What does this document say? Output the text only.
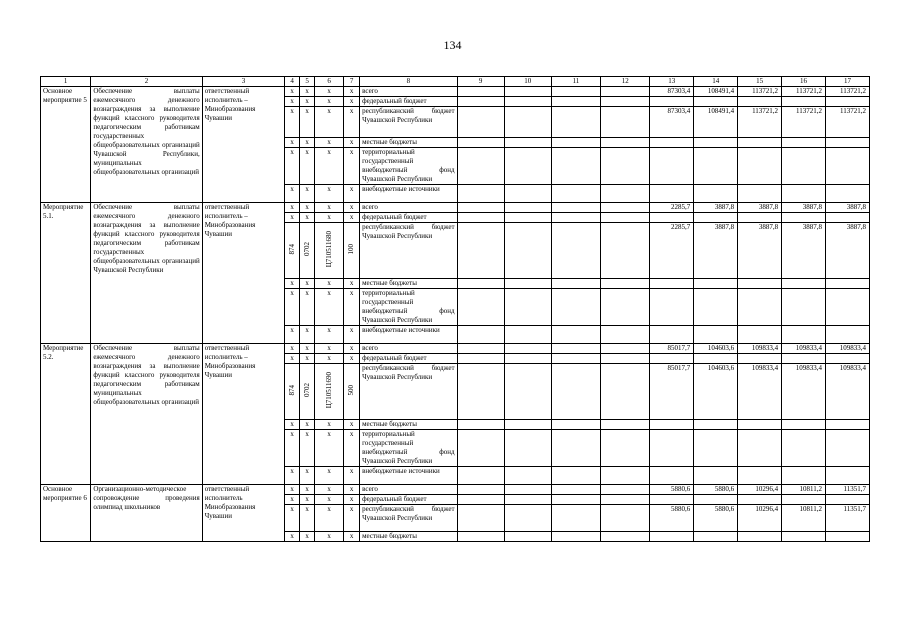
134
1	2	3	4	5	6	7	8	9	10	11	12	13	14	15	16	17
Основное мероприятие 5	Обеспечение выплаты ежемесячного денежного вознаграждения за выполнение функций классного руководителя педагогическим работникам государственных общеобразовательных организаций Чувашской Республики, муниципальных общеобразовательных организаций	ответственный исполнитель – Минобразования Чувашии	x	x	x	x	всего					87303,4	108491,4	113721,2	113721,2	113721,2
			x	x	x	x	федеральный бюджет									
			x	x	x	x	республиканский бюджет Чувашской Республики					87303,4	108491,4	113721,2	113721,2	113721,2
			x	x	x	x	местные бюджеты									
			x	x	x	x	территориальный государственный внебюджетный фонд Чувашской Республики									
			x	x	x	x	внебюджетные источники									
Мероприятие 5.1.	Обеспечение выплаты ежемесячного денежного вознаграждения за выполнение функций классного руководителя педагогическим работникам государственных общеобразовательных организаций Чувашской Республики	ответственный исполнитель – Минобразования Чувашии	x	x	x	x	всего					2285,7	3887,8	3887,8	3887,8	3887,8
			x	x	x	x	федеральный бюджет									
			874	0702	Ц710511680	100	республиканский бюджет Чувашской Республики					2285,7	3887,8	3887,8	3887,8	3887,8
			x	x	x	x	местные бюджеты									
			x	x	x	x	территориальный государственный внебюджетный фонд Чувашской Республики									
			x	x	x	x	внебюджетные источники									
Мероприятие 5.2.	Обеспечение выплаты ежемесячного денежного вознаграждения за выполнение функций классного руководителя педагогическим работникам муниципальных общеобразовательных организаций	ответственный исполнитель – Минобразования Чувашии	x	x	x	x	всего					85017,7	104603,6	109833,4	109833,4	109833,4
			x	x	x	x	федеральный бюджет									
			874	0702	Ц710511690	500	республиканский бюджет Чувашской Республики					85017,7	104603,6	109833,4	109833,4	109833,4
			x	x	x	x	местные бюджеты									
			x	x	x	x	территориальный государственный внебюджетный фонд Чувашской Республики									
			x	x	x	x	внебюджетные источники									
Основное мероприятие 6	Организационно-методическое сопровождение проведения олимпиад школьников	ответственный исполнитель Минобразования Чувашии	x	x	x	x	всего					5880,6	5880,6	10296,4	10811,2	11351,7
			x	x	x	x	федеральный бюджет									
			x	x	x	x	республиканский бюджет Чувашской Республики					5880,6	5880,6	10296,4	10811,2	11351,7
			x	x	x	x	местные бюджеты									
